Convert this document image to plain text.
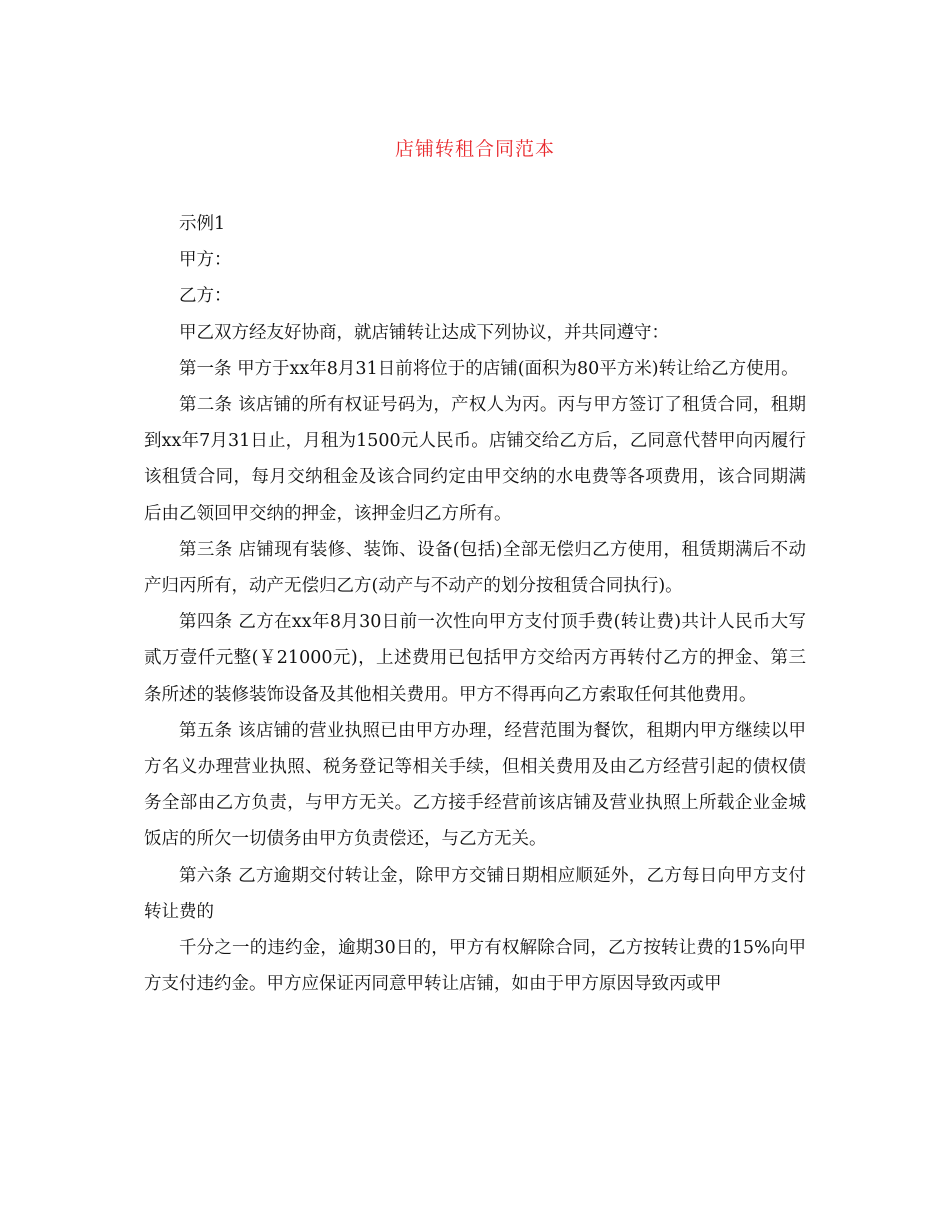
店铺转租合同范本

示例1

甲方：

乙方：

甲乙双方经友好协商，就店铺转让达成下列协议，并共同遵守：

第一条 甲方于xx年8月31日前将位于的店铺(面积为80平方米)转让给乙方使用。

第二条 该店铺的所有权证号码为，产权人为丙。丙与甲方签订了租赁合同，租期到xx年7月31日止，月租为1500元人民币。店铺交给乙方后，乙同意代替甲向丙履行该租赁合同，每月交纳租金及该合同约定由甲交纳的水电费等各项费用，该合同期满后由乙领回甲交纳的押金，该押金归乙方所有。

第三条 店铺现有装修、装饰、设备(包括)全部无偿归乙方使用，租赁期满后不动产归丙所有，动产无偿归乙方(动产与不动产的划分按租赁合同执行)。

第四条 乙方在xx年8月30日前一次性向甲方支付顶手费(转让费)共计人民币大写贰万壹仟元整(￥21000元)，上述费用已包括甲方交给丙方再转付乙方的押金、第三条所述的装修装饰设备及其他相关费用。甲方不得再向乙方索取任何其他费用。

第五条 该店铺的营业执照已由甲方办理，经营范围为餐饮，租期内甲方继续以甲方名义办理营业执照、税务登记等相关手续，但相关费用及由乙方经营引起的债权债务全部由乙方负责，与甲方无关。乙方接手经营前该店铺及营业执照上所载企业金城饭店的所欠一切债务由甲方负责偿还，与乙方无关。

第六条 乙方逾期交付转让金，除甲方交铺日期相应顺延外，乙方每日向甲方支付转让费的

千分之一的违约金，逾期30日的，甲方有权解除合同，乙方按转让费的15%向甲方支付违约金。甲方应保证丙同意甲转让店铺，如由于甲方原因导致丙或甲
